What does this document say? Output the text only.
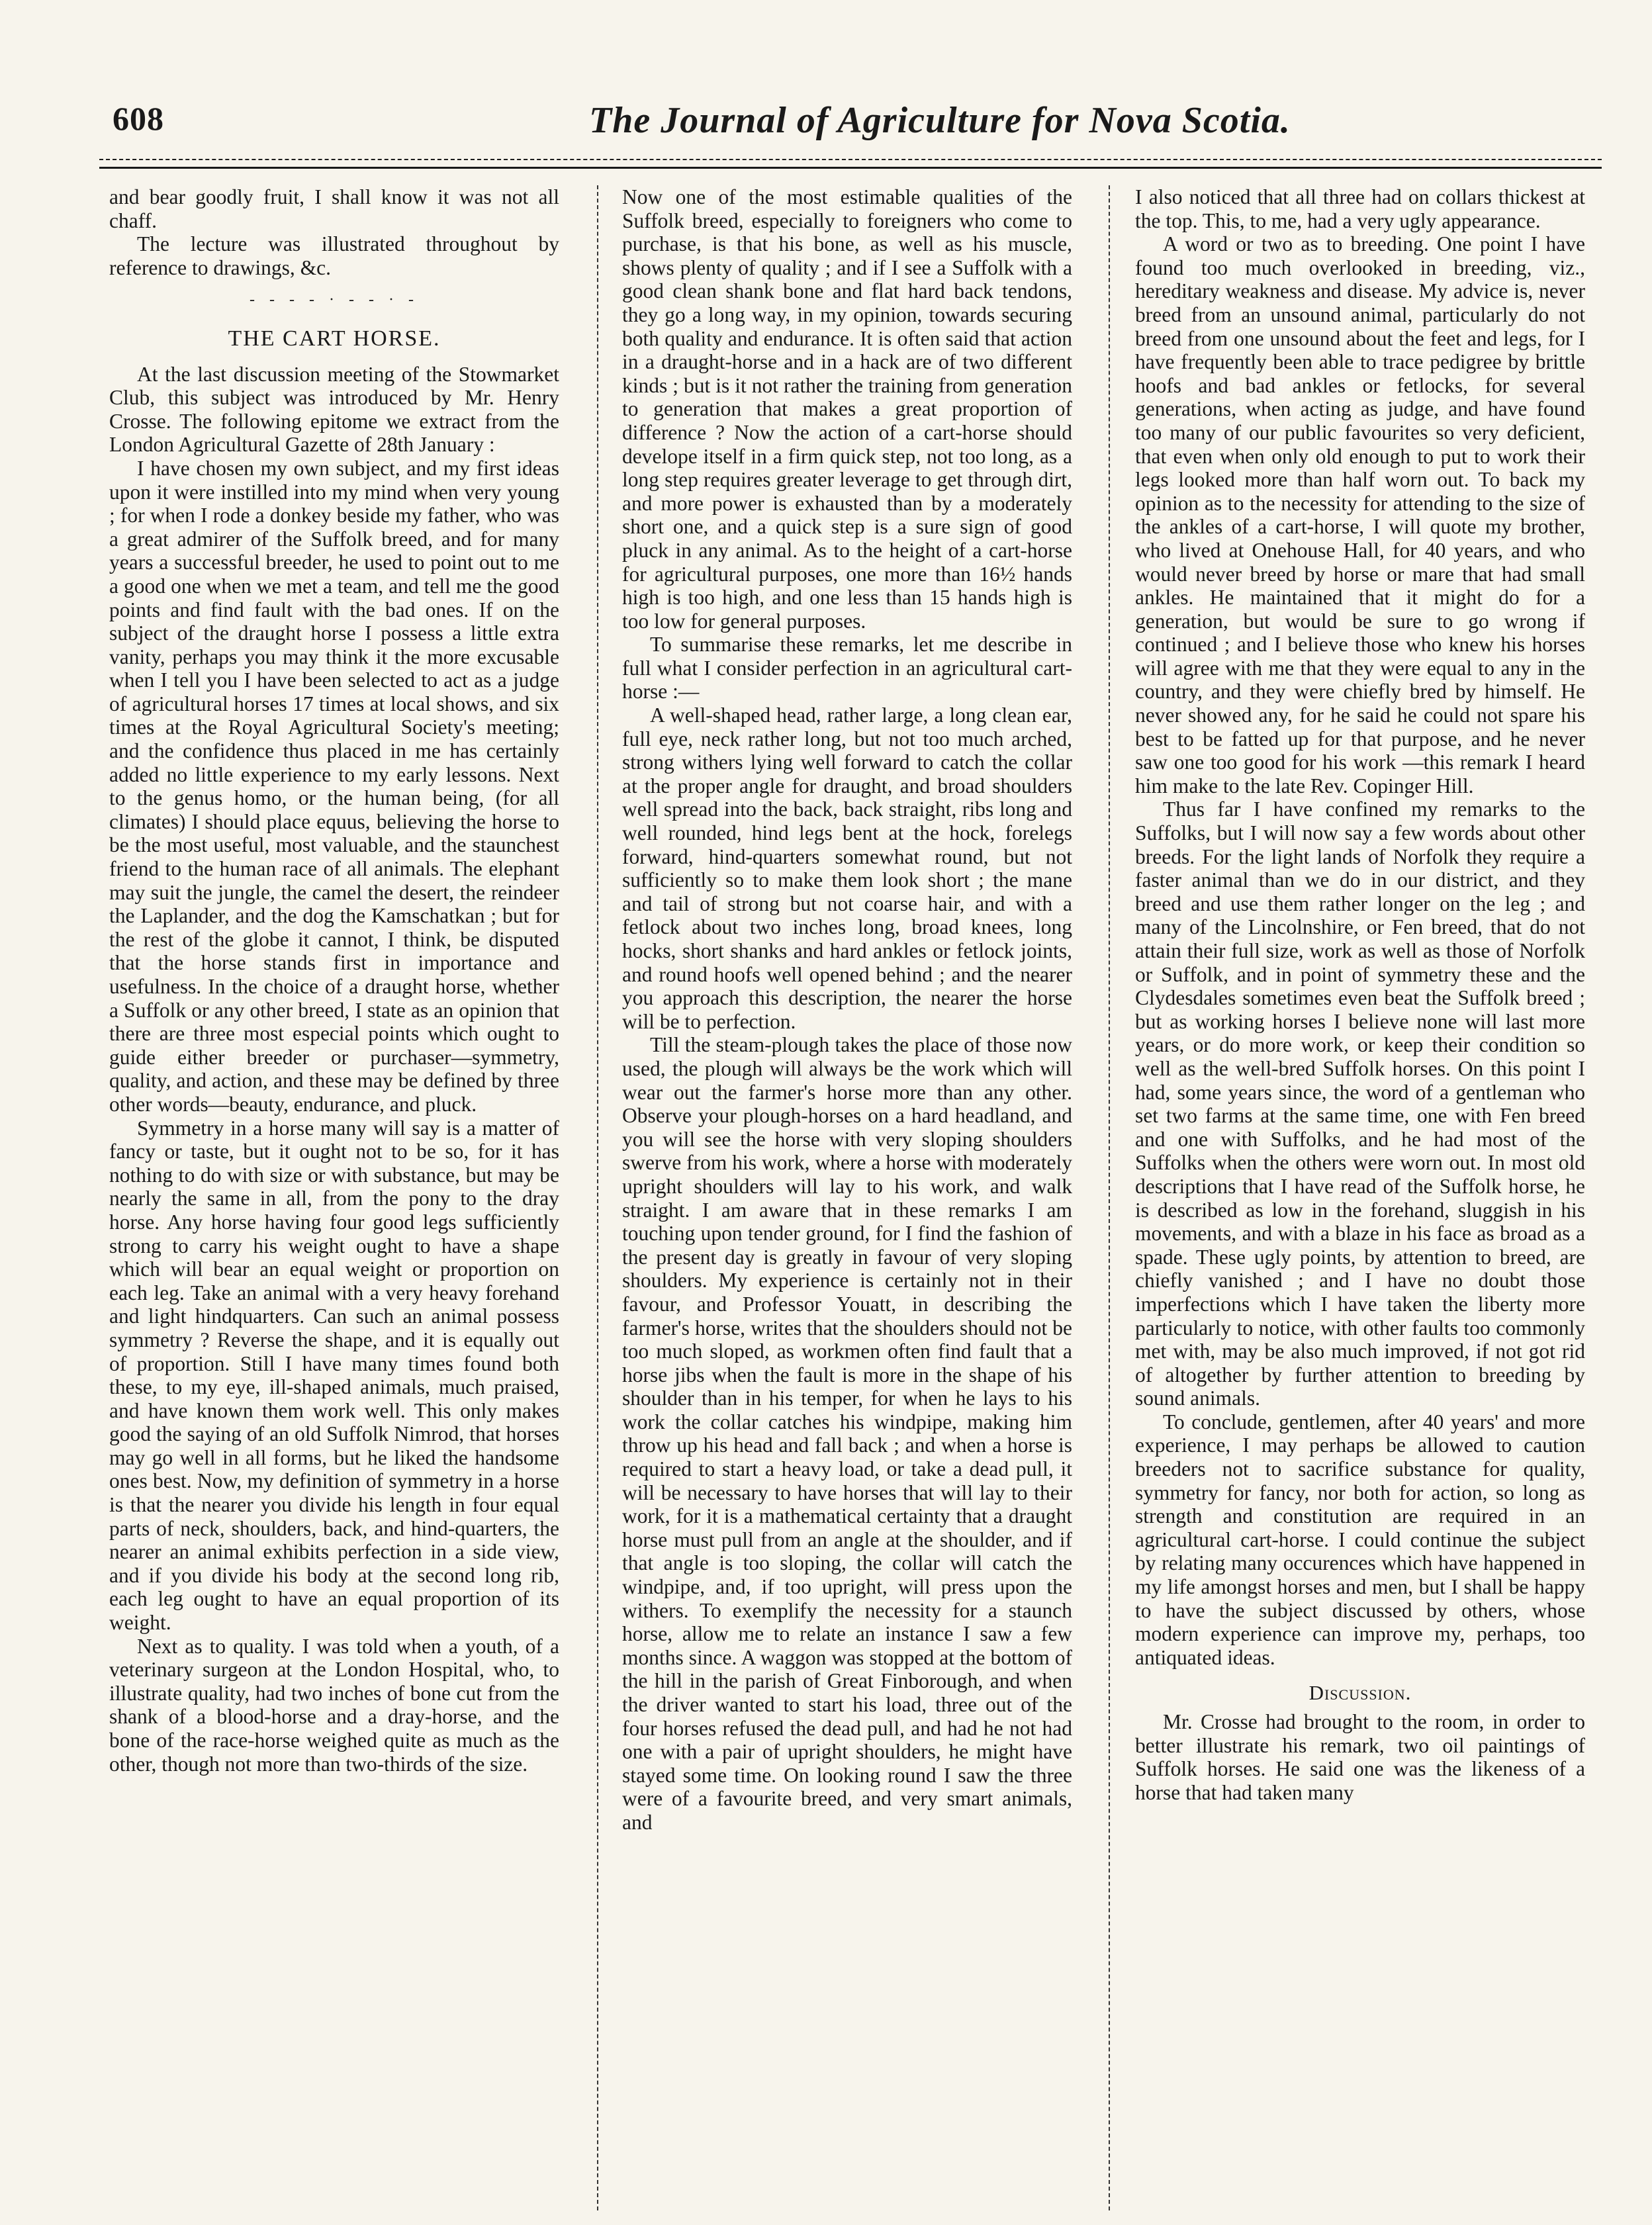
608	The Journal of Agriculture for Nova Scotia.

and bear goodly fruit, I shall know it was not all chaff.

The lecture was illustrated throughout by reference to drawings, &c.

- - - - · - - · -
THE CART HORSE.

At the last discussion meeting of the Stowmarket Club, this subject was introduced by Mr. Henry Crosse. The following epitome we extract from the London Agricultural Gazette of 28th January :

I have chosen my own subject, and my first ideas upon it were instilled into my mind when very young ; for when I rode a donkey beside my father, who was a great admirer of the Suffolk breed, and for many years a successful breeder, he used to point out to me a good one when we met a team, and tell me the good points and find fault with the bad ones. If on the subject of the draught horse I possess a little extra vanity, perhaps you may think it the more excusable when I tell you I have been selected to act as a judge of agricultural horses 17 times at local shows, and six times at the Royal Agricultural Society's meeting; and the confidence thus placed in me has certainly added no little experience to my early lessons. Next to the genus homo, or the human being, (for all climates) I should place equus, believing the horse to be the most useful, most valuable, and the staunchest friend to the human race of all animals. The elephant may suit the jungle, the camel the desert, the reindeer the Laplander, and the dog the Kamschatkan ; but for the rest of the globe it cannot, I think, be disputed that the horse stands first in importance and usefulness. In the choice of a draught horse, whether a Suffolk or any other breed, I state as an opinion that there are three most especial points which ought to guide either breeder or purchaser—symmetry, quality, and action, and these may be defined by three other words—beauty, endurance, and pluck.

Symmetry in a horse many will say is a matter of fancy or taste, but it ought not to be so, for it has nothing to do with size or with substance, but may be nearly the same in all, from the pony to the dray horse. Any horse having four good legs sufficiently strong to carry his weight ought to have a shape which will bear an equal weight or proportion on each leg. Take an animal with a very heavy forehand and light hindquarters. Can such an animal possess symmetry ? Reverse the shape, and it is equally out of proportion. Still I have many times found both these, to my eye, ill-shaped animals, much praised, and have known them work well. This only makes good the saying of an old Suffolk Nimrod, that horses may go well in all forms, but he liked the handsome ones best. Now, my definition of symmetry in a horse is that the nearer you divide his length in four equal parts of neck, shoulders, back, and hind-quarters, the nearer an animal exhibits perfection in a side view, and if you divide his body at the second long rib, each leg ought to have an equal proportion of its weight.

Next as to quality. I was told when a youth, of a veterinary surgeon at the London Hospital, who, to illustrate quality, had two inches of bone cut from the shank of a blood-horse and a dray-horse, and the bone of the race-horse weighed quite as much as the other, though not more than two-thirds of the size.

Now one of the most estimable qualities of the Suffolk breed, especially to foreigners who come to purchase, is that his bone, as well as his muscle, shows plenty of quality ; and if I see a Suffolk with a good clean shank bone and flat hard back tendons, they go a long way, in my opinion, towards securing both quality and endurance. It is often said that action in a draught-horse and in a hack are of two different kinds ; but is it not rather the training from generation to generation that makes a great proportion of difference ? Now the action of a cart-horse should develope itself in a firm quick step, not too long, as a long step requires greater leverage to get through dirt, and more power is exhausted than by a moderately short one, and a quick step is a sure sign of good pluck in any animal. As to the height of a cart-horse for agricultural purposes, one more than 16½ hands high is too high, and one less than 15 hands high is too low for general purposes.

To summarise these remarks, let me describe in full what I consider perfection in an agricultural cart-horse :—

A well-shaped head, rather large, a long clean ear, full eye, neck rather long, but not too much arched, strong withers lying well forward to catch the collar at the proper angle for draught, and broad shoulders well spread into the back, back straight, ribs long and well rounded, hind legs bent at the hock, forelegs forward, hind-quarters somewhat round, but not sufficiently so to make them look short ; the mane and tail of strong but not coarse hair, and with a fetlock about two inches long, broad knees, long hocks, short shanks and hard ankles or fetlock joints, and round hoofs well opened behind ; and the nearer you approach this description, the nearer the horse will be to perfection.

Till the steam-plough takes the place of those now used, the plough will always be the work which will wear out the farmer's horse more than any other. Observe your plough-horses on a hard headland, and you will see the horse with very sloping shoulders swerve from his work, where a horse with moderately upright shoulders will lay to his work, and walk straight. I am aware that in these remarks I am touching upon tender ground, for I find the fashion of the present day is greatly in favour of very sloping shoulders. My experience is certainly not in their favour, and Professor Youatt, in describing the farmer's horse, writes that the shoulders should not be too much sloped, as workmen often find fault that a horse jibs when the fault is more in the shape of his shoulder than in his temper, for when he lays to his work the collar catches his windpipe, making him throw up his head and fall back ; and when a horse is required to start a heavy load, or take a dead pull, it will be necessary to have horses that will lay to their work, for it is a mathematical certainty that a draught horse must pull from an angle at the shoulder, and if that angle is too sloping, the collar will catch the windpipe, and, if too upright, will press upon the withers. To exemplify the necessity for a staunch horse, allow me to relate an instance I saw a few months since. A waggon was stopped at the bottom of the hill in the parish of Great Finborough, and when the driver wanted to start his load, three out of the four horses refused the dead pull, and had he not had one with a pair of upright shoulders, he might have stayed some time. On looking round I saw the three were of a favourite breed, and very smart animals, and

I also noticed that all three had on collars thickest at the top. This, to me, had a very ugly appearance.

A word or two as to breeding. One point I have found too much overlooked in breeding, viz., hereditary weakness and disease. My advice is, never breed from an unsound animal, particularly do not breed from one unsound about the feet and legs, for I have frequently been able to trace pedigree by brittle hoofs and bad ankles or fetlocks, for several generations, when acting as judge, and have found too many of our public favourites so very deficient, that even when only old enough to put to work their legs looked more than half worn out. To back my opinion as to the necessity for attending to the size of the ankles of a cart-horse, I will quote my brother, who lived at Onehouse Hall, for 40 years, and who would never breed by horse or mare that had small ankles. He maintained that it might do for a generation, but would be sure to go wrong if continued ; and I believe those who knew his horses will agree with me that they were equal to any in the country, and they were chiefly bred by himself. He never showed any, for he said he could not spare his best to be fatted up for that purpose, and he never saw one too good for his work —this remark I heard him make to the late Rev. Copinger Hill.

Thus far I have confined my remarks to the Suffolks, but I will now say a few words about other breeds. For the light lands of Norfolk they require a faster animal than we do in our district, and they breed and use them rather longer on the leg ; and many of the Lincolnshire, or Fen breed, that do not attain their full size, work as well as those of Norfolk or Suffolk, and in point of symmetry these and the Clydesdales sometimes even beat the Suffolk breed ; but as working horses I believe none will last more years, or do more work, or keep their condition so well as the well-bred Suffolk horses. On this point I had, some years since, the word of a gentleman who set two farms at the same time, one with Fen breed and one with Suffolks, and he had most of the Suffolks when the others were worn out. In most old descriptions that I have read of the Suffolk horse, he is described as low in the forehand, sluggish in his movements, and with a blaze in his face as broad as a spade. These ugly points, by attention to breed, are chiefly vanished ; and I have no doubt those imperfections which I have taken the liberty more particularly to notice, with other faults too commonly met with, may be also much improved, if not got rid of altogether by further attention to breeding by sound animals.

To conclude, gentlemen, after 40 years' and more experience, I may perhaps be allowed to caution breeders not to sacrifice substance for quality, symmetry for fancy, nor both for action, so long as strength and constitution are required in an agricultural cart-horse. I could continue the subject by relating many occurences which have happened in my life amongst horses and men, but I shall be happy to have the subject discussed by others, whose modern experience can improve my, perhaps, too antiquated ideas.

Discussion.

Mr. Crosse had brought to the room, in order to better illustrate his remark, two oil paintings of Suffolk horses. He said one was the likeness of a horse that had taken many
